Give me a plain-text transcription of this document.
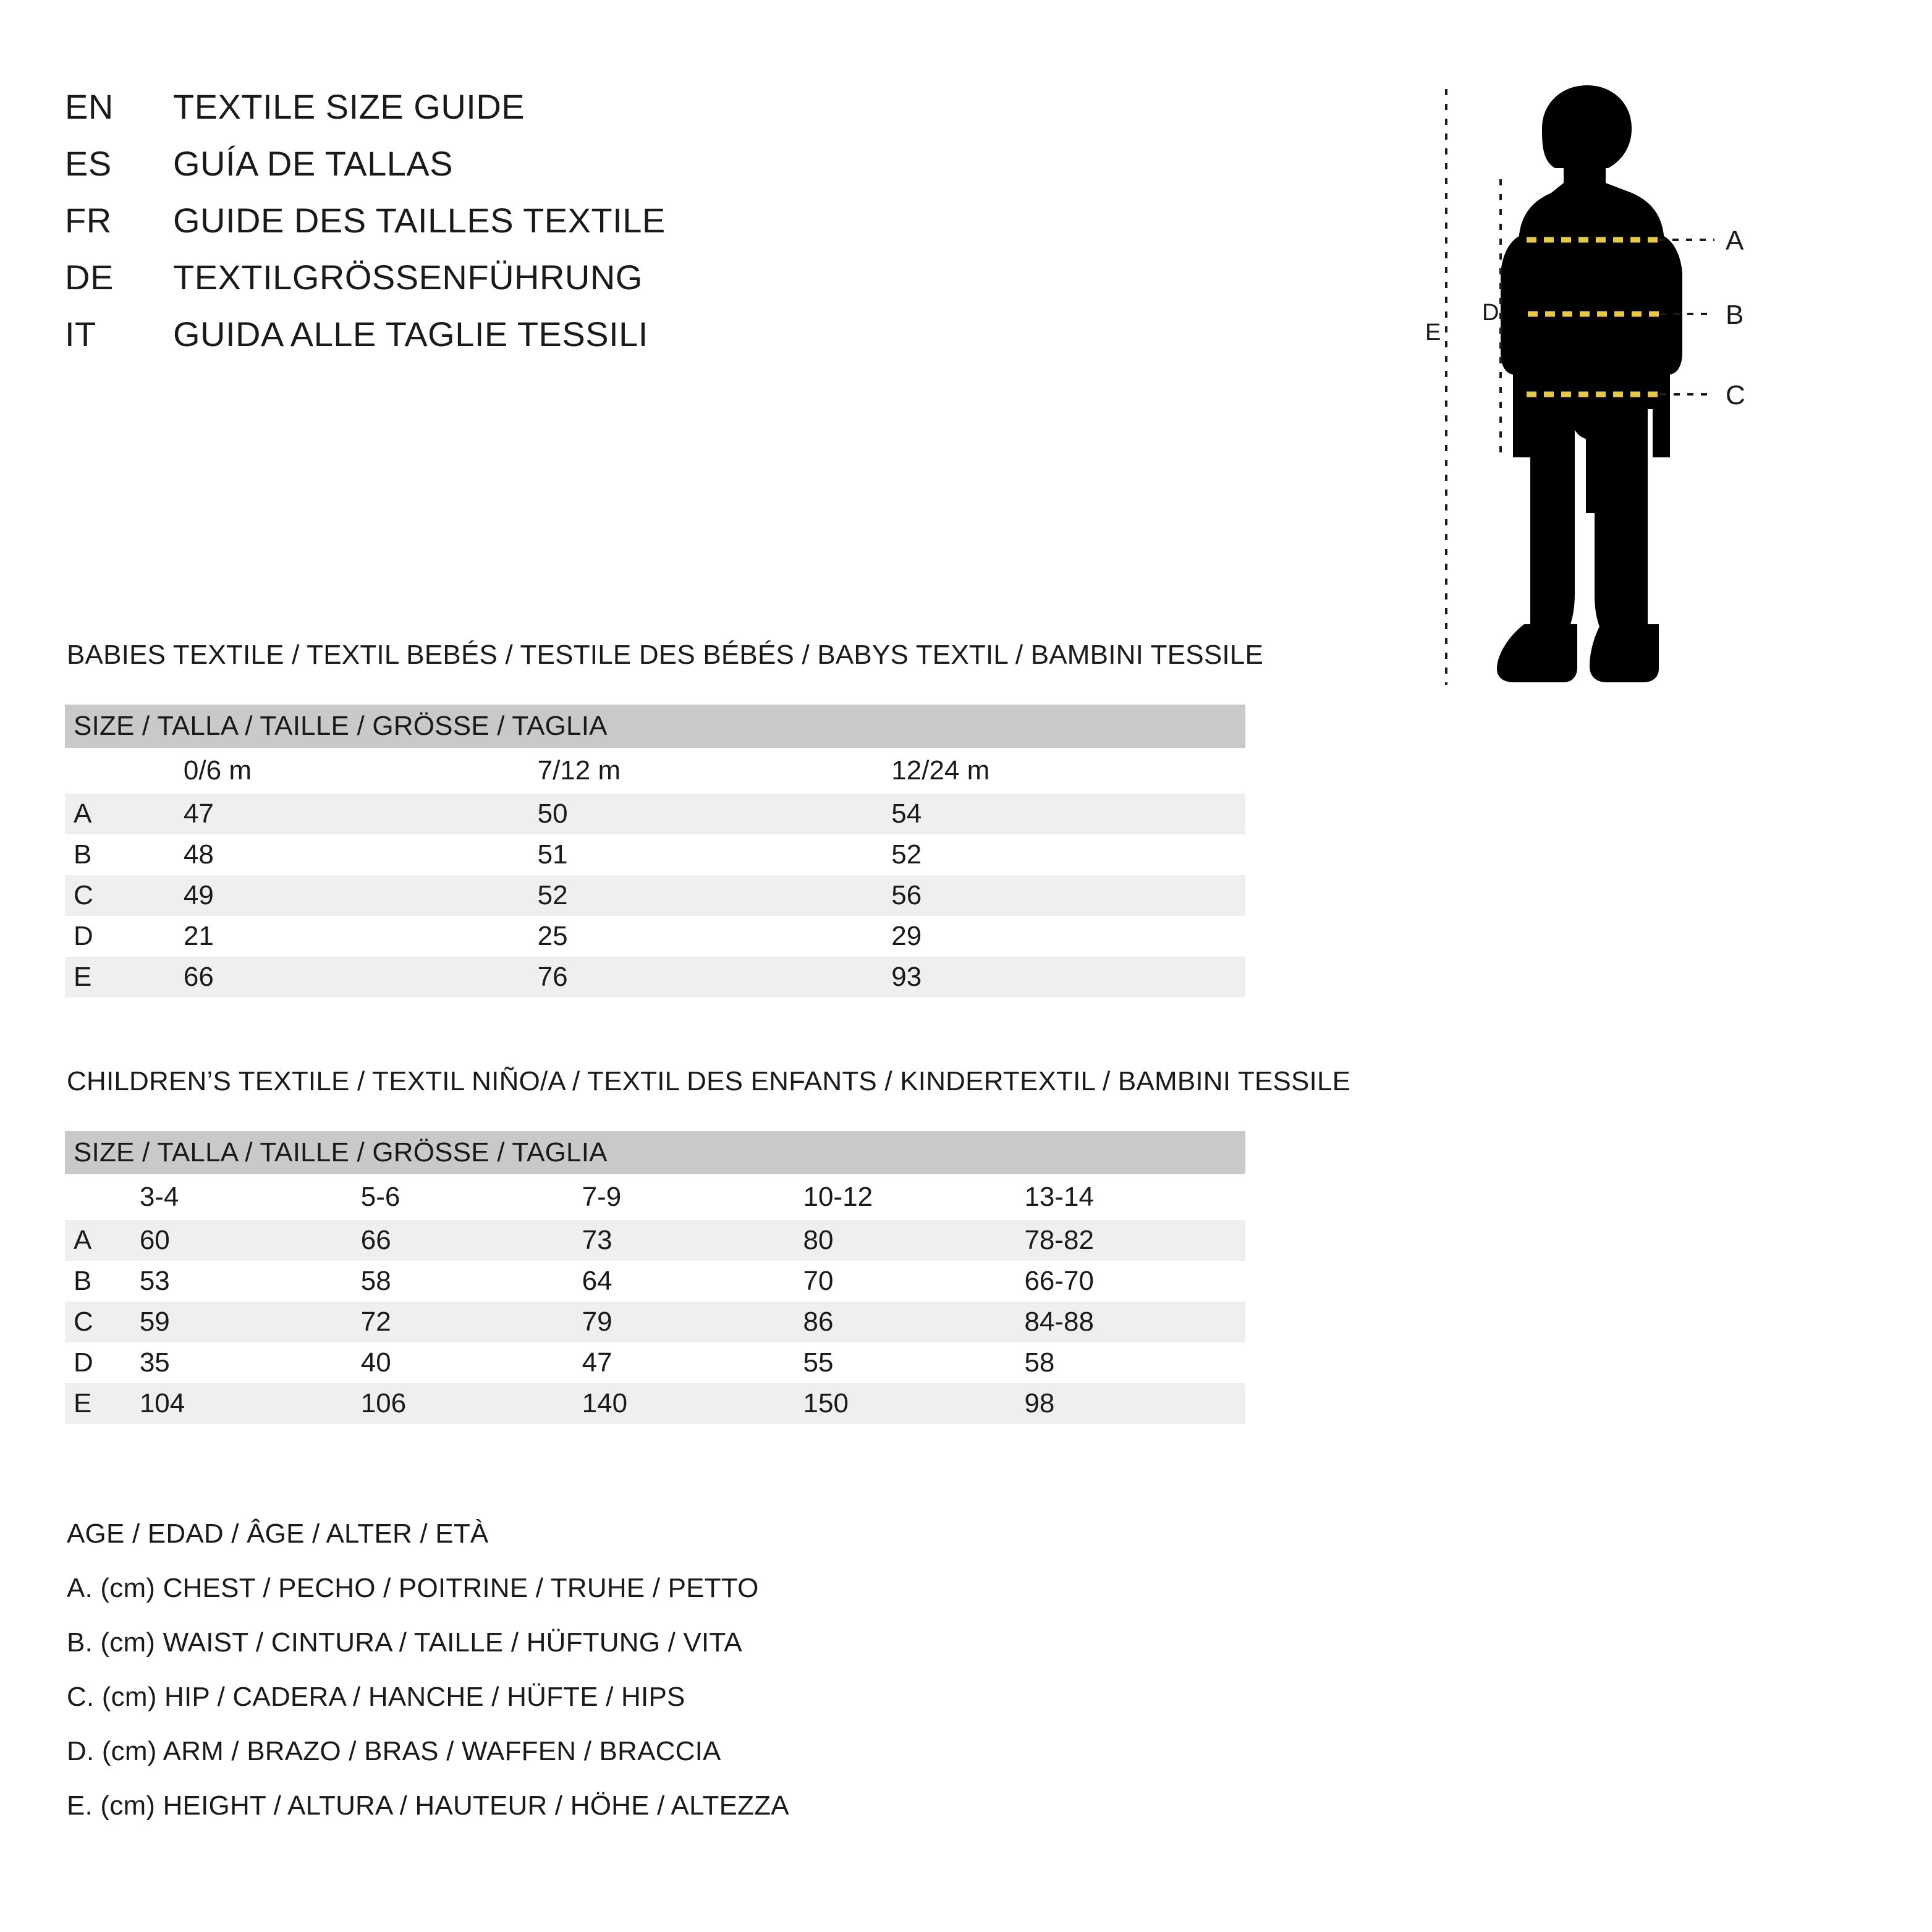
EN	TEXTILE SIZE GUIDE
ES	GUÍA DE TALLAS
FR	GUIDE DES TAILLES TEXTILE
DE	TEXTILGRÖSSENFÜHRUNG
IT	GUIDA ALLE TAGLIE TESSILI
BABIES TEXTILE / TEXTIL BEBÉS / TESTILE DES BÉBÉS / BABYS TEXTIL / BAMBINI TESSILE
SIZE / TALLA / TAILLE / GRÖSSE / TAGLIA			
	0/6 m	7/12 m	12/24 m
A	47	50	54
B	48	51	52
C	49	52	56
D	21	25	29
E	66	76	93
CHILDREN’S TEXTILE / TEXTIL NIÑO/A / TEXTIL DES ENFANTS / KINDERTEXTIL / BAMBINI TESSILE
SIZE / TALLA / TAILLE / GRÖSSE / TAGLIA					
	3-4	5-6	7-9	10-12	13-14
A	60	66	73	80	78-82
B	53	58	64	70	66-70
C	59	72	79	86	84-88
D	35	40	47	55	58
E	104	106	140	150	98
AGE / EDAD / ÂGE / ALTER / ETÀ
A. (cm) CHEST / PECHO / POITRINE / TRUHE / PETTO
B. (cm) WAIST / CINTURA / TAILLE / HÜFTUNG / VITA
C. (cm) HIP / CADERA / HANCHE / HÜFTE / HIPS
D. (cm) ARM / BRAZO / BRAS / WAFFEN / BRACCIA
E. (cm) HEIGHT / ALTURA / HAUTEUR / HÖHE / ALTEZZA
A
B
C
D
E
